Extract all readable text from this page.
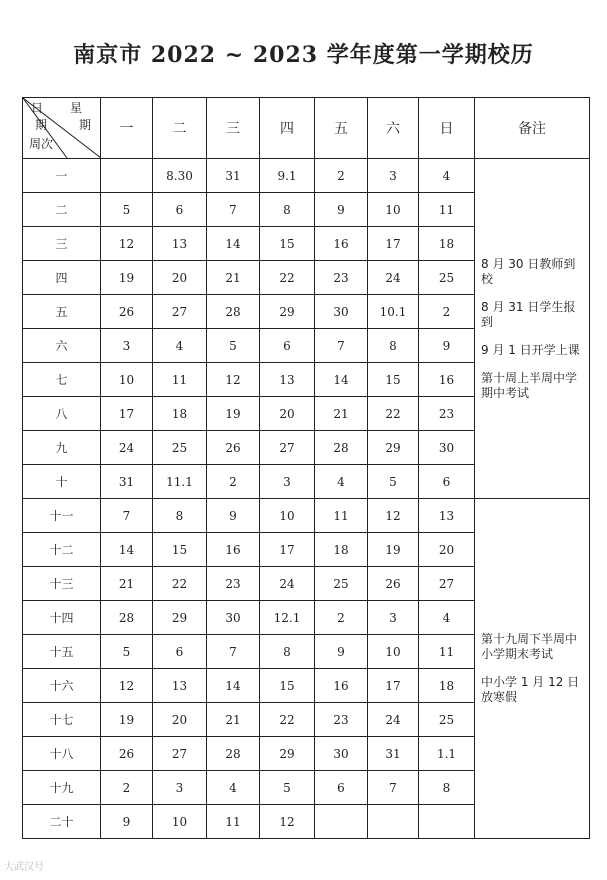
南京市 2022 ~ 2023 学年度第一学期校历
日 星
期 期
周次	一	二	三	四	五	六	日	备注
一		8.30	31	9.1	2	3	4	8 月 30 日教师到校

8 月 31 日学生报到

9 月 1 日开学上课

第十周上半周中学期中考试

二	5	6	7	8	9	10	11	
三	12	13	14	15	16	17	18	
四	19	20	21	22	23	24	25	
五	26	27	28	29	30	10.1	2	
六	3	4	5	6	7	8	9	
七	10	11	12	13	14	15	16	
八	17	18	19	20	21	22	23	
九	24	25	26	27	28	29	30	
十	31	11.1	2	3	4	5	6	
十一	7	8	9	10	11	12	13	第十九周下半周中小学期末考试

中小学 1 月 12 日放寒假

十二	14	15	16	17	18	19	20	
十三	21	22	23	24	25	26	27	
十四	28	29	30	12.1	2	3	4	
十五	5	6	7	8	9	10	11	
十六	12	13	14	15	16	17	18	
十七	19	20	21	22	23	24	25	
十八	26	27	28	29	30	31	1.1	
十九	2	3	4	5	6	7	8	
二十	9	10	11	12				
大武汉号
